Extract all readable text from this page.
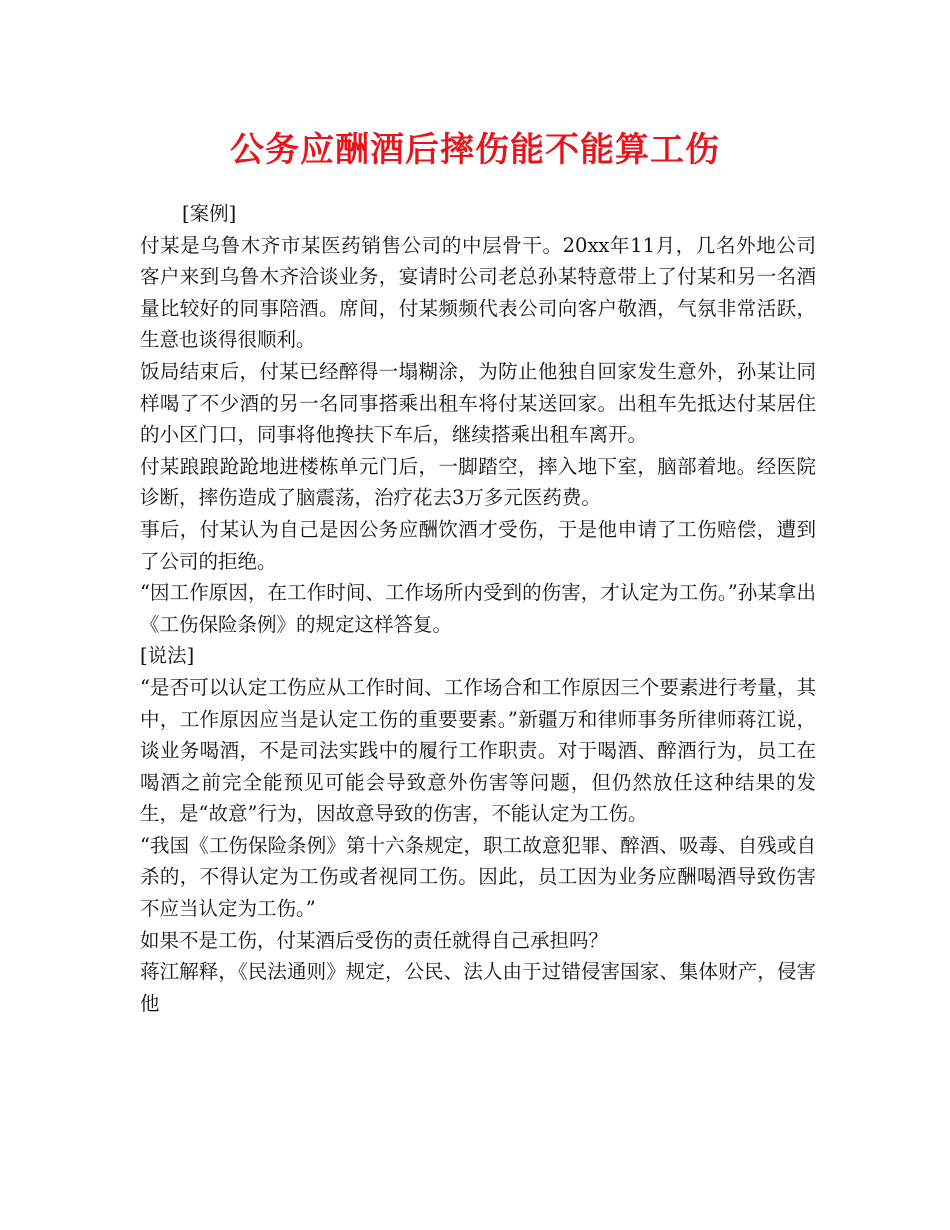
公务应酬酒后摔伤能不能算工伤

[案例]

付某是乌鲁木齐市某医药销售公司的中层骨干。20xx年11月，几名外地公司客户来到乌鲁木齐洽谈业务，宴请时公司老总孙某特意带上了付某和另一名酒量比较好的同事陪酒。席间，付某频频代表公司向客户敬酒，气氛非常活跃，生意也谈得很顺利。

饭局结束后，付某已经醉得一塌糊涂，为防止他独自回家发生意外，孙某让同样喝了不少酒的另一名同事搭乘出租车将付某送回家。出租车先抵达付某居住的小区门口，同事将他搀扶下车后，继续搭乘出租车离开。

付某踉踉跄跄地进楼栋单元门后，一脚踏空，摔入地下室，脑部着地。经医院诊断，摔伤造成了脑震荡，治疗花去3万多元医药费。

事后，付某认为自己是因公务应酬饮酒才受伤，于是他申请了工伤赔偿，遭到了公司的拒绝。

“因工作原因，在工作时间、工作场所内受到的伤害，才认定为工伤。”孙某拿出《工伤保险条例》的规定这样答复。

[说法]

“是否可以认定工伤应从工作时间、工作场合和工作原因三个要素进行考量，其中，工作原因应当是认定工伤的重要要素。”新疆万和律师事务所律师蒋江说，谈业务喝酒，不是司法实践中的履行工作职责。对于喝酒、醉酒行为，员工在喝酒之前完全能预见可能会导致意外伤害等问题，但仍然放任这种结果的发生，是“故意”行为，因故意导致的伤害，不能认定为工伤。

“我国《工伤保险条例》第十六条规定，职工故意犯罪、醉酒、吸毒、自残或自杀的，不得认定为工伤或者视同工伤。因此，员工因为业务应酬喝酒导致伤害不应当认定为工伤。”

如果不是工伤，付某酒后受伤的责任就得自己承担吗？

蒋江解释，《民法通则》规定，公民、法人由于过错侵害国家、集体财产，侵害他
